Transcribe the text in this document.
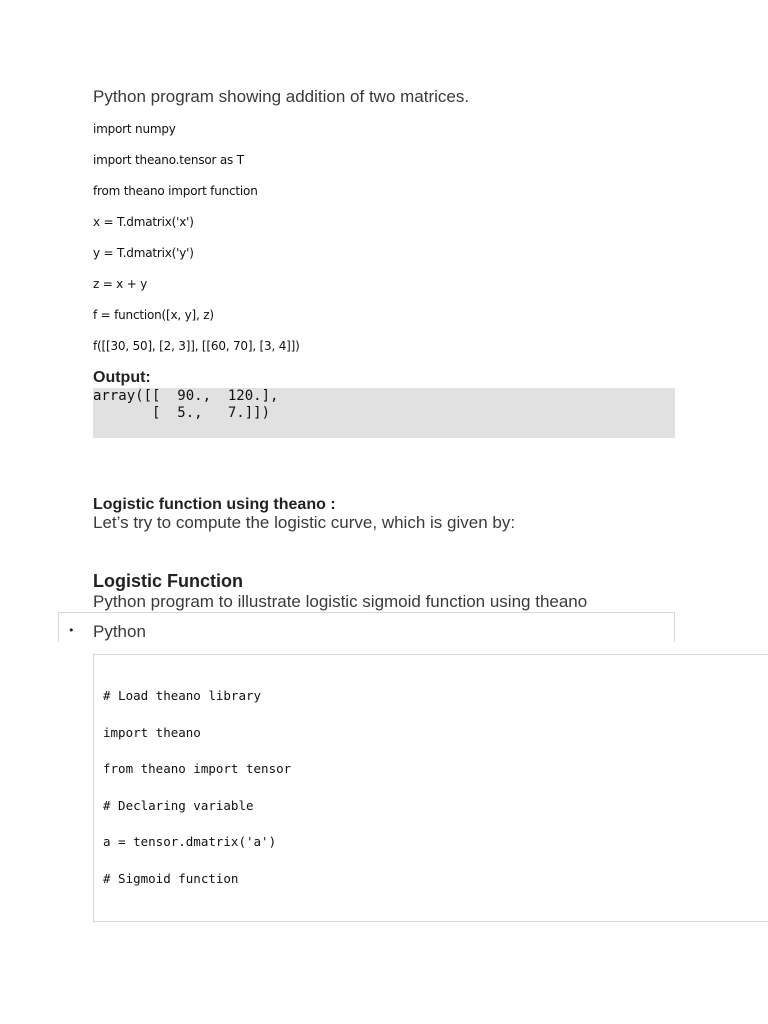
Python program showing addition of two matrices.
import numpy
import theano.tensor as T
from theano import function
x = T.dmatrix('x')
y = T.dmatrix('y')
z = x + y
f = function([x, y], z)
f([[30, 50], [2, 3]], [[60, 70], [3, 4]])
Output:
array([[  90.,  120.],
[  5.,   7.]])
Logistic function using theano :
Let’s try to compute the logistic curve, which is given by:
Logistic Function
Python program to illustrate logistic sigmoid function using theano
• Python
# Load theano library
import theano
from theano import tensor
# Declaring variable
a = tensor.dmatrix('a')
# Sigmoid function
